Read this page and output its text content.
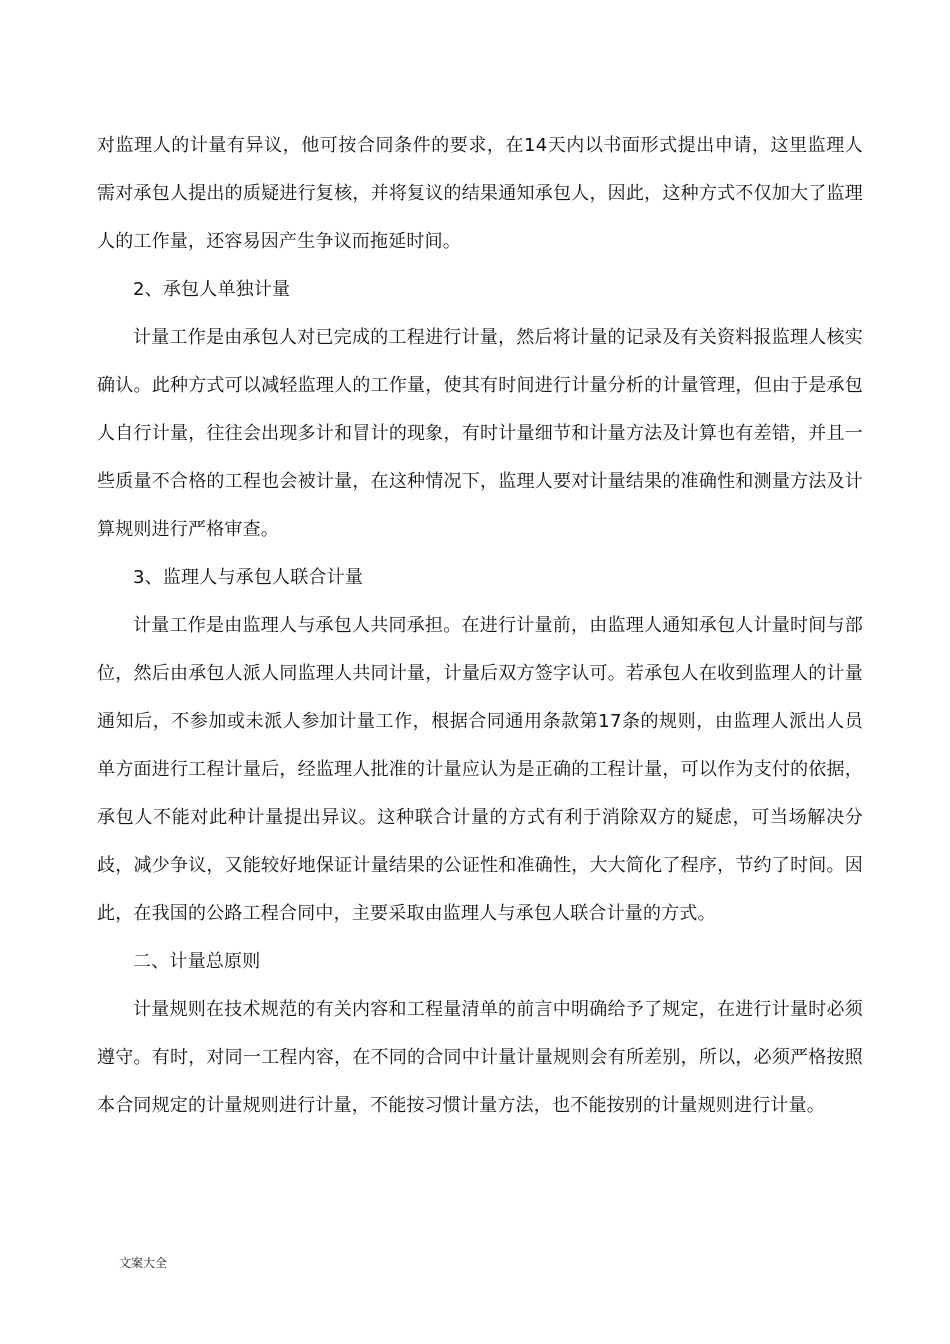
对监理人的计量有异议，他可按合同条件的要求，在14天内以书面形式提出申请，这里监理人需对承包人提出的质疑进行复核，并将复议的结果通知承包人，因此，这种方式不仅加大了监理人的工作量，还容易因产生争议而拖延时间。

2、承包人单独计量

计量工作是由承包人对已完成的工程进行计量，然后将计量的记录及有关资料报监理人核实确认。此种方式可以减轻监理人的工作量，使其有时间进行计量分析的计量管理，但由于是承包人自行计量，往往会出现多计和冒计的现象，有时计量细节和计量方法及计算也有差错，并且一些质量不合格的工程也会被计量，在这种情况下，监理人要对计量结果的准确性和测量方法及计算规则进行严格审查。

3、监理人与承包人联合计量

计量工作是由监理人与承包人共同承担。在进行计量前，由监理人通知承包人计量时间与部位，然后由承包人派人同监理人共同计量，计量后双方签字认可。若承包人在收到监理人的计量通知后，不参加或未派人参加计量工作，根据合同通用条款第17条的规则，由监理人派出人员单方面进行工程计量后，经监理人批准的计量应认为是正确的工程计量，可以作为支付的依据，承包人不能对此种计量提出异议。这种联合计量的方式有利于消除双方的疑虑，可当场解决分歧，减少争议，又能较好地保证计量结果的公证性和准确性，大大简化了程序，节约了时间。因此，在我国的公路工程合同中，主要采取由监理人与承包人联合计量的方式。

二、计量总原则

计量规则在技术规范的有关内容和工程量清单的前言中明确给予了规定，在进行计量时必须遵守。有时，对同一工程内容，在不同的合同中计量计量规则会有所差别，所以，必须严格按照本合同规定的计量规则进行计量，不能按习惯计量方法，也不能按别的计量规则进行计量。

文案大全
